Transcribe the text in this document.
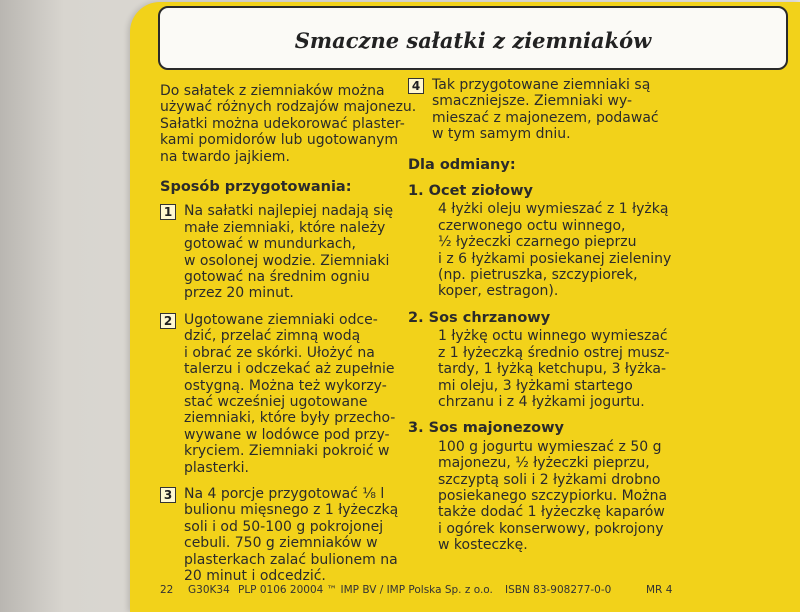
Smaczne sałatki z ziemniaków
Do sałatek z ziemniaków można
używać różnych rodzajów majonezu.
Sałatki można udekorować plaster-
kami pomidorów lub ugotowanym
na twardo jajkiem.
Sposób przygotowania:
1 Na sałatki najlepiej nadają się
małe ziemniaki, które należy
gotować w mundurkach,
w osolonej wodzie. Ziemniaki
gotować na średnim ogniu
przez 20 minut.
2 Ugotowane ziemniaki odce-
dzić, przelać zimną wodą
i obrać ze skórki. Ułożyć na
talerzu i odczekać aż zupełnie
ostygną. Można też wykorzy-
stać wcześniej ugotowane
ziemniaki, które były przecho-
wywane w lodówce pod przy-
kryciem. Ziemniaki pokroić w
plasterki.
3 Na 4 porcje przygotować ⅛ l
bulionu mięsnego z 1 łyżeczką
soli i od 50-100 g pokrojonej
cebuli. 750 g ziemniaków w
plasterkach zalać bulionem na
20 minut i odcedzić.
4 Tak przygotowane ziemniaki są
smaczniejsze. Ziemniaki wy-
mieszać z majonezem, podawać
w tym samym dniu.
Dla odmiany:
1. Ocet ziołowy
4 łyżki oleju wymieszać z 1 łyżką
czerwonego octu winnego,
½ łyżeczki czarnego pieprzu
i z 6 łyżkami posiekanej zieleniny
(np. pietruszka, szczypiorek,
koper, estragon).
2. Sos chrzanowy
1 łyżkę octu winnego wymieszać
z 1 łyżeczką średnio ostrej musz-
tardy, 1 łyżką ketchupu, 3 łyżka-
mi oleju, 3 łyżkami startego
chrzanu i z 4 łyżkami jogurtu.
3. Sos majonezowy
100 g jogurtu wymieszać z 50 g
majonezu, ½ łyżeczki pieprzu,
szczyptą soli i 2 łyżkami drobno
posiekanego szczypiorku. Można
także dodać 1 łyżeczkę kaparów
i ogórek konserwowy, pokrojony
w kosteczkę.
22 G30K34 PLP 0106 20004 ™ IMP BV / IMP Polska Sp. z o.o. ISBN 83-908277-0-0	MR 4
